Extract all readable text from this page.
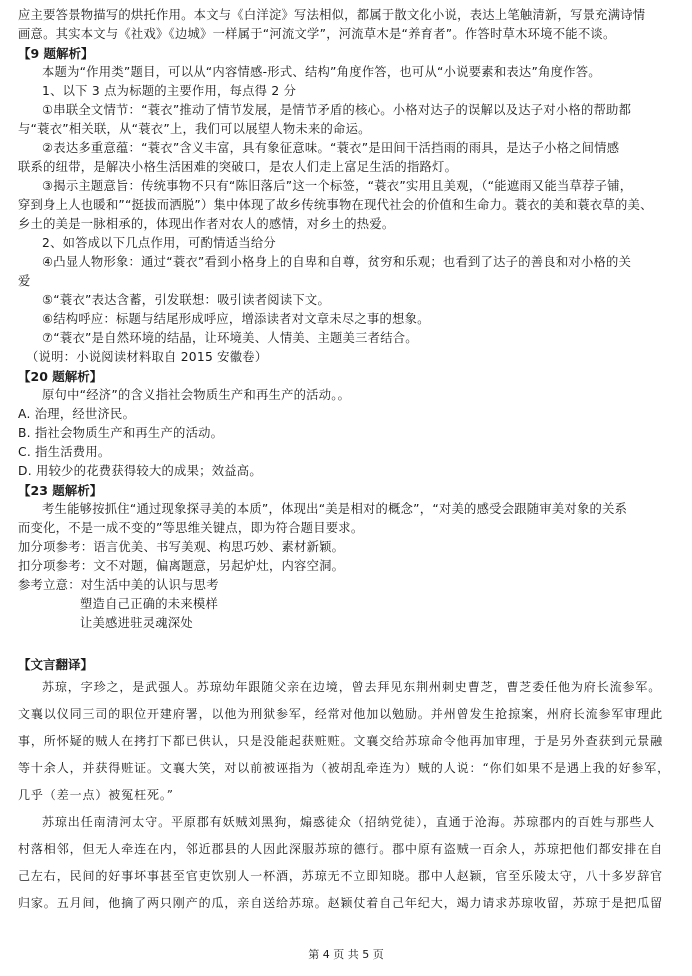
应主要答景物描写的烘托作用。本文与《白洋淀》写法相似，都属于散文化小说，表达上笔触清新，写景充满诗情

画意。其实本文与《社戏》《边城》一样属于“河流文学”，河流草木是“养育者”。作答时草木环境不能不谈。

【9 题解析】

本题为“作用类”题目，可以从“内容情感-形式、结构”角度作答，也可从“小说要素和表达”角度作答。

1、以下 3 点为标题的主要作用，每点得 2 分

①串联全文情节：“蓑衣”推动了情节发展，是情节矛盾的核心。小格对达子的误解以及达子对小格的帮助都

与“蓑衣”相关联，从“蓑衣”上，我们可以展望人物未来的命运。

②表达多重意蕴：“蓑衣”含义丰富，具有象征意味。“蓑衣”是田间干活挡雨的雨具，是达子小格之间情感

联系的纽带，是解决小格生活困难的突破口，是农人们走上富足生活的指路灯。

③揭示主题意旨：传统事物不只有“陈旧落后”这一个标签，“蓑衣”实用且美观，（“能遮雨又能当草荐子铺，

穿到身上人也暖和”“挺拔而洒脱”）集中体现了故乡传统事物在现代社会的价值和生命力。蓑衣的美和蓑衣草的美、

乡土的美是一脉相承的，体现出作者对农人的感情，对乡土的热爱。

2、如答成以下几点作用，可酌情适当给分

④凸显人物形象：通过“蓑衣”看到小格身上的自卑和自尊，贫穷和乐观；也看到了达子的善良和对小格的关

爱

⑤“蓑衣”表达含蓄，引发联想：吸引读者阅读下文。

⑥结构呼应：标题与结尾形成呼应，增添读者对文章未尽之事的想象。

⑦“蓑衣”是自然环境的结晶，让环境美、人情美、主题美三者结合。

（说明：小说阅读材料取自 2015 安徽卷）

【20 题解析】

原句中“经济”的含义指社会物质生产和再生产的活动。。

A. 治理，经世济民。

B. 指社会物质生产和再生产的活动。

C. 指生活费用。

D. 用较少的花费获得较大的成果；效益高。

【23 题解析】

考生能够按抓住“通过现象探寻美的本质”，体现出“美是相对的概念”，“对美的感受会跟随审美对象的关系

而变化，不是一成不变的”等思维关键点，即为符合题目要求。

加分项参考：语言优美、书写美观、构思巧妙、素材新颖。

扣分项参考：文不对题，偏离题意，另起炉灶，内容空洞。

参考立意：对生活中美的认识与思考

塑造自己正确的未来模样

让美感进驻灵魂深处

【文言翻译】

苏琼，字珍之，是武强人。苏琼幼年跟随父亲在边境，曾去拜见东荆州刺史曹芝，曹芝委任他为府长流参军。

文襄以仪同三司的职位开建府署，以他为刑狱参军，经常对他加以勉励。并州曾发生抢掠案，州府长流参军审理此

事，所怀疑的贼人在拷打下都已供认，只是没能起获赃赃。文襄交给苏琼命令他再加审理，于是另外查获到元景融

等十余人，并获得赃证。文襄大笑，对以前被诬指为（被胡乱牵连为）贼的人说：“你们如果不是遇上我的好参军，

几乎（差一点）被冤枉死。”

苏琼出任南清河太守。平原郡有妖贼刘黑狗，煽惑徒众（招纳党徒），直通于沧海。苏琼郡内的百姓与那些人

村落相邻，但无人牵连在内，邻近郡县的人因此深服苏琼的德行。郡中原有盗贼一百余人，苏琼把他们都安排在自

己左右，民间的好事坏事甚至官吏饮别人一杯酒，苏琼无不立即知晓。郡中人赵颖，官至乐陵太守，八十多岁辞官

归家。五月间，他摘了两只刚产的瓜，亲自送给苏琼。赵颖仗着自己年纪大，竭力请求苏琼收留，苏琼于是把瓜留

第 4 页 共 5 页
